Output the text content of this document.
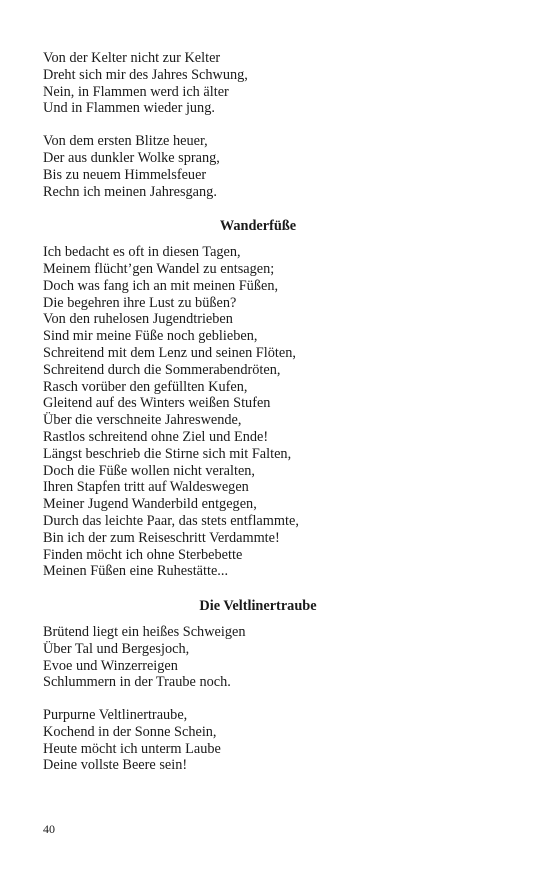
Von der Kelter nicht zur Kelter
Dreht sich mir des Jahres Schwung,
Nein, in Flammen werd ich älter
Und in Flammen wieder jung.
Von dem ersten Blitze heuer,
Der aus dunkler Wolke sprang,
Bis zu neuem Himmelsfeuer
Rechn ich meinen Jahresgang.
Wanderfüße
Ich bedacht es oft in diesen Tagen,
Meinem flücht’gen Wandel zu entsagen;
Doch was fang ich an mit meinen Füßen,
Die begehren ihre Lust zu büßen?
Von den ruhelosen Jugendtrieben
Sind mir meine Füße noch geblieben,
Schreitend mit dem Lenz und seinen Flöten,
Schreitend durch die Sommerabendröten,
Rasch vorüber den gefüllten Kufen,
Gleitend auf des Winters weißen Stufen
Über die verschneite Jahreswende,
Rastlos schreitend ohne Ziel und Ende!
Längst beschrieb die Stirne sich mit Falten,
Doch die Füße wollen nicht veralten,
Ihren Stapfen tritt auf Waldeswegen
Meiner Jugend Wanderbild entgegen,
Durch das leichte Paar, das stets entflammte,
Bin ich der zum Reiseschritt Verdammte!
Finden möcht ich ohne Sterbebette
Meinen Füßen eine Ruhestätte...
Die Veltlinertraube
Brütend liegt ein heißes Schweigen
Über Tal und Bergesjoch,
Evoe und Winzerreigen
Schlummern in der Traube noch.
Purpurne Veltlinertraube,
Kochend in der Sonne Schein,
Heute möcht ich unterm Laube
Deine vollste Beere sein!
40
